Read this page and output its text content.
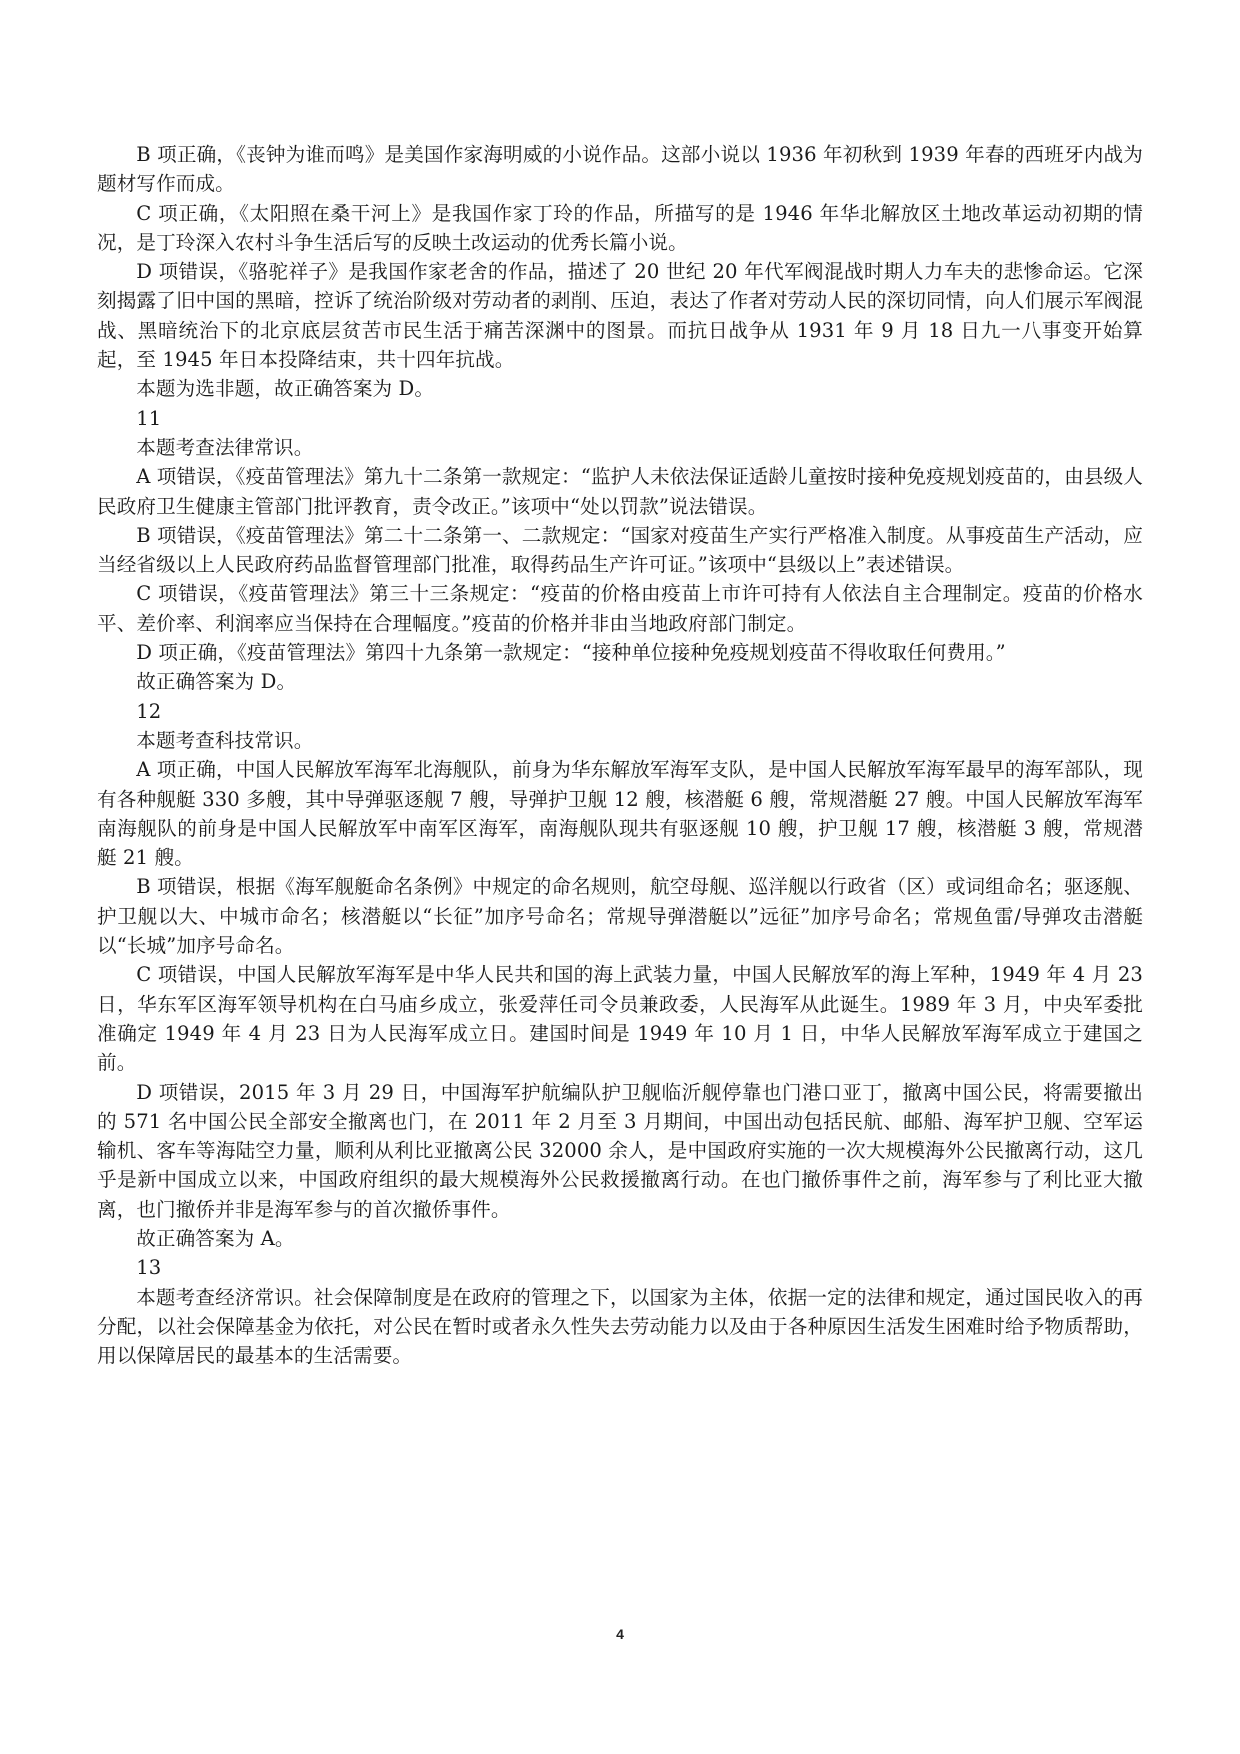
B 项正确，《丧钟为谁而鸣》是美国作家海明威的小说作品。这部小说以 1936 年初秋到 1939 年春的西班牙内战为题材写作而成。

C 项正确，《太阳照在桑干河上》是我国作家丁玲的作品，所描写的是 1946 年华北解放区土地改革运动初期的情况，是丁玲深入农村斗争生活后写的反映土改运动的优秀长篇小说。

D 项错误，《骆驼祥子》是我国作家老舍的作品，描述了 20 世纪 20 年代军阀混战时期人力车夫的悲惨命运。它深刻揭露了旧中国的黑暗，控诉了统治阶级对劳动者的剥削、压迫，表达了作者对劳动人民的深切同情，向人们展示军阀混战、黑暗统治下的北京底层贫苦市民生活于痛苦深渊中的图景。而抗日战争从 1931 年 9 月 18 日九一八事变开始算起，至 1945 年日本投降结束，共十四年抗战。

本题为选非题，故正确答案为 D。

11

本题考查法律常识。

A 项错误，《疫苗管理法》第九十二条第一款规定：“监护人未依法保证适龄儿童按时接种免疫规划疫苗的，由县级人民政府卫生健康主管部门批评教育，责令改正。”该项中“处以罚款”说法错误。

B 项错误，《疫苗管理法》第二十二条第一、二款规定：“国家对疫苗生产实行严格准入制度。从事疫苗生产活动，应当经省级以上人民政府药品监督管理部门批准，取得药品生产许可证。”该项中“县级以上”表述错误。

C 项错误，《疫苗管理法》第三十三条规定：“疫苗的价格由疫苗上市许可持有人依法自主合理制定。疫苗的价格水平、差价率、利润率应当保持在合理幅度。”疫苗的价格并非由当地政府部门制定。

D 项正确，《疫苗管理法》第四十九条第一款规定：“接种单位接种免疫规划疫苗不得收取任何费用。”

故正确答案为 D。

12

本题考查科技常识。

A 项正确，中国人民解放军海军北海舰队，前身为华东解放军海军支队，是中国人民解放军海军最早的海军部队，现有各种舰艇 330 多艘，其中导弹驱逐舰 7 艘，导弹护卫舰 12 艘，核潜艇 6 艘，常规潜艇 27 艘。中国人民解放军海军南海舰队的前身是中国人民解放军中南军区海军，南海舰队现共有驱逐舰 10 艘，护卫舰 17 艘，核潜艇 3 艘，常规潜艇 21 艘。

B 项错误，根据《海军舰艇命名条例》中规定的命名规则，航空母舰、巡洋舰以行政省（区）或词组命名；驱逐舰、护卫舰以大、中城市命名；核潜艇以“长征”加序号命名；常规导弹潜艇以”远征”加序号命名；常规鱼雷/导弹攻击潜艇以“长城”加序号命名。

C 项错误，中国人民解放军海军是中华人民共和国的海上武装力量，中国人民解放军的海上军种，1949 年 4 月 23 日，华东军区海军领导机构在白马庙乡成立，张爱萍任司令员兼政委，人民海军从此诞生。1989 年 3 月，中央军委批准确定 1949 年 4 月 23 日为人民海军成立日。建国时间是 1949 年 10 月 1 日，中华人民解放军海军成立于建国之前。

D 项错误，2015 年 3 月 29 日，中国海军护航编队护卫舰临沂舰停靠也门港口亚丁，撤离中国公民，将需要撤出的 571 名中国公民全部安全撤离也门，在 2011 年 2 月至 3 月期间，中国出动包括民航、邮船、海军护卫舰、空军运输机、客车等海陆空力量，顺利从利比亚撤离公民 32000 余人，是中国政府实施的一次大规模海外公民撤离行动，这几乎是新中国成立以来，中国政府组织的最大规模海外公民救援撤离行动。在也门撤侨事件之前，海军参与了利比亚大撤离，也门撤侨并非是海军参与的首次撤侨事件。

故正确答案为 A。

13

本题考查经济常识。社会保障制度是在政府的管理之下，以国家为主体，依据一定的法律和规定，通过国民收入的再分配，以社会保障基金为依托，对公民在暂时或者永久性失去劳动能力以及由于各种原因生活发生困难时给予物质帮助，用以保障居民的最基本的生活需要。

4
